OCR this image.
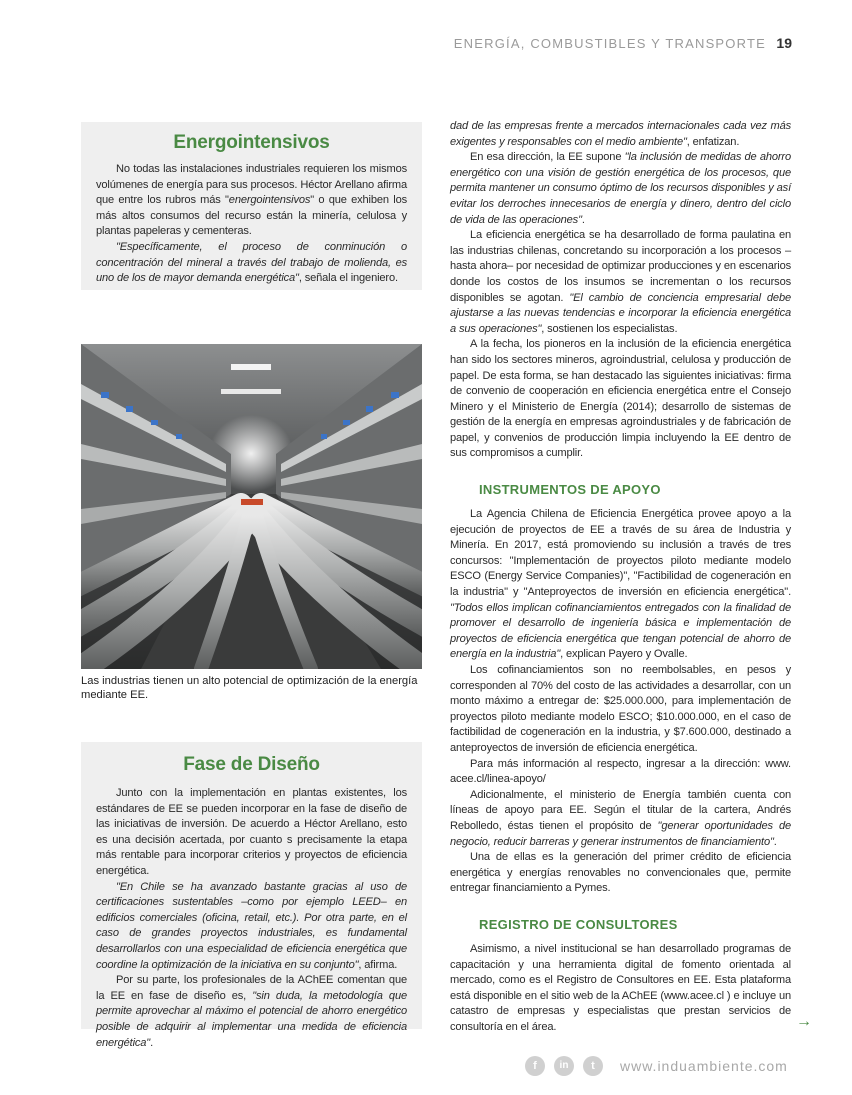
ENERGÍA, COMBUSTIBLES Y TRANSPORTE 19
Energointensivos

No todas las instalaciones industriales requieren los mismos volúmenes de energía para sus procesos. Héctor Arellano afirma que entre los rubros más "energointensivos" o que exhiben los más altos consumos del recurso están la minería, celulosa y plantas papeleras y cementeras.

"Específicamente, el proceso de conminución o concentración del mineral a través del trabajo de molienda, es uno de los de mayor demanda energética", señala el ingeniero.

Las industrias tienen un alto potencial de optimización de la energía mediante EE.
Fase de Diseño

Junto con la implementación en plantas existentes, los estándares de EE se pueden incorporar en la fase de diseño de las iniciativas de inversión. De acuerdo a Héctor Arellano, esto es una decisión acertada, por cuanto s precisamente la etapa más rentable para incorporar criterios y proyectos de eficiencia energética.

"En Chile se ha avanzado bastante gracias al uso de certificaciones sustentables –como por ejemplo LEED– en edificios comerciales (oficina, retail, etc.). Por otra parte, en el caso de grandes proyectos industriales, es fundamental desarrollarlos con una especialidad de eficiencia energética que coordine la optimización de la iniciativa en su conjunto", afirma.

Por su parte, los profesionales de la AChEE comentan que la EE en fase de diseño es, "sin duda, la metodología que permite aprovechar al máximo el potencial de ahorro energético posible de adquirir al implementar una medida de eficiencia energética".

dad de las empresas frente a mercados internacionales cada vez más exigentes y responsables con el medio ambiente", enfatizan.

En esa dirección, la EE supone "la inclusión de medidas de ahorro energético con una visión de gestión energética de los procesos, que permita mantener un consumo óptimo de los recursos disponibles y así evitar los derroches innecesarios de energía y dinero, dentro del ciclo de vida de las operaciones".

La eficiencia energética se ha desarrollado de forma paulatina en las industrias chilenas, concretando su incorporación a los procesos –hasta ahora– por necesidad de optimizar producciones y en escenarios donde los costos de los insumos se incrementan o los recursos disponibles se agotan. "El cambio de conciencia empresarial debe ajustarse a las nuevas tendencias e incorporar la eficiencia energética a sus operaciones", sostienen los especialistas.

A la fecha, los pioneros en la inclusión de la eficiencia energética han sido los sectores mineros, agroindustrial, celulosa y producción de papel. De esta forma, se han destacado las siguientes iniciativas: firma de convenio de cooperación en eficiencia energética entre el Consejo Minero y el Ministerio de Energía (2014); desarrollo de sistemas de gestión de la energía en empresas agroindustriales y de fabricación de papel, y convenios de producción limpia incluyendo la EE dentro de sus compromisos a cumplir.

INSTRUMENTOS DE APOYO

La Agencia Chilena de Eficiencia Energética provee apoyo a la ejecución de proyectos de EE a través de su área de Industria y Minería. En 2017, está promoviendo su inclusión a través de tres concursos: "Implementación de proyectos piloto mediante modelo ESCO (Energy Service Companies)", "Factibilidad de cogeneración en la industria" y "Anteproyectos de inversión en eficiencia energética". "Todos ellos implican cofinanciamientos entregados con la finalidad de promover el desarrollo de ingeniería básica e implementación de proyectos de eficiencia energética que tengan potencial de ahorro de energía en la industria", explican Payero y Ovalle.

Los cofinanciamientos son no reembolsables, en pesos y corresponden al 70% del costo de las actividades a desarrollar, con un monto máximo a entregar de: $25.000.000, para implementación de proyectos piloto mediante modelo ESCO; $10.000.000, en el caso de factibilidad de cogeneración en la industria, y $7.600.000, destinado a anteproyectos de inversión de eficiencia energética.

Para más información al respecto, ingresar a la dirección: www. acee.cl/linea-apoyo/

Adicionalmente, el ministerio de Energía también cuenta con líneas de apoyo para EE. Según el titular de la cartera, Andrés Rebolledo, éstas tienen el propósito de "generar oportunidades de negocio, reducir barreras y generar instrumentos de financiamiento".

Una de ellas es la generación del primer crédito de eficiencia energética y energías renovables no convencionales que, permite entregar financiamiento a Pymes.

REGISTRO DE CONSULTORES

Asimismo, a nivel institucional se han desarrollado programas de capacitación y una herramienta digital de fomento orientada al mercado, como es el Registro de Consultores en EE. Esta plataforma está disponible en el sitio web de la AChEE (www.acee.cl ) e incluye un catastro de empresas y especialistas que prestan servicios de consultoría en el área.	→
f	in	t	www.induambiente.com
